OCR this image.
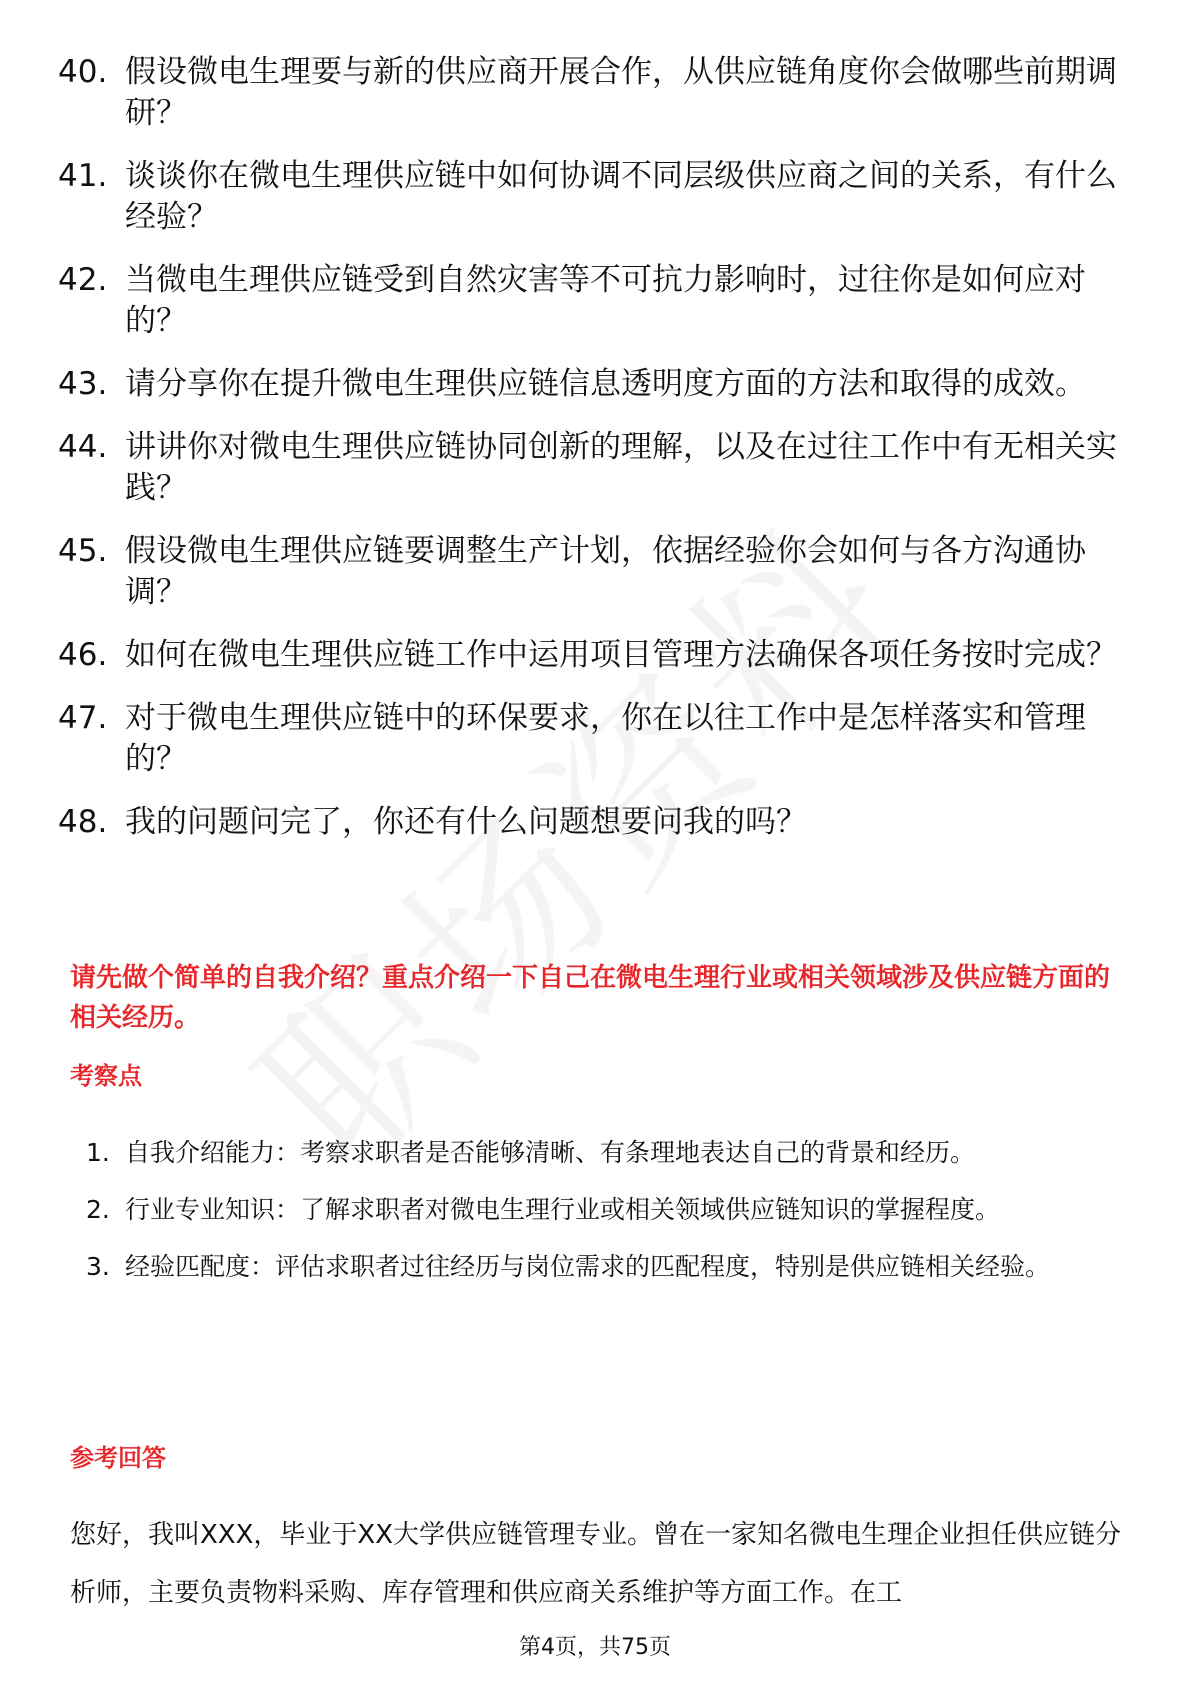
40. 假设微电生理要与新的供应商开展合作，从供应链角度你会做哪些前期调研？
41. 谈谈你在微电生理供应链中如何协调不同层级供应商之间的关系，有什么经验？
42. 当微电生理供应链受到自然灾害等不可抗力影响时，过往你是如何应对的？
43. 请分享你在提升微电生理供应链信息透明度方面的方法和取得的成效。
44. 讲讲你对微电生理供应链协同创新的理解，以及在过往工作中有无相关实践？
45. 假设微电生理供应链要调整生产计划，依据经验你会如何与各方沟通协调？
46. 如何在微电生理供应链工作中运用项目管理方法确保各项任务按时完成？
47. 对于微电生理供应链中的环保要求，你在以往工作中是怎样落实和管理的？
48. 我的问题问完了，你还有什么问题想要问我的吗？
请先做个简单的自我介绍？重点介绍一下自己在微电生理行业或相关领域涉及供应链方面的相关经历。
考察点
1. 自我介绍能力：考察求职者是否能够清晰、有条理地表达自己的背景和经历。
2. 行业专业知识：了解求职者对微电生理行业或相关领域供应链知识的掌握程度。
3. 经验匹配度：评估求职者过往经历与岗位需求的匹配程度，特别是供应链相关经验。
参考回答
您好，我叫XXX，毕业于XX大学供应链管理专业。曾在一家知名微电生理企业担任供应链分析师，主要负责物料采购、库存管理和供应商关系维护等方面工作。在工
第4页，共75页
